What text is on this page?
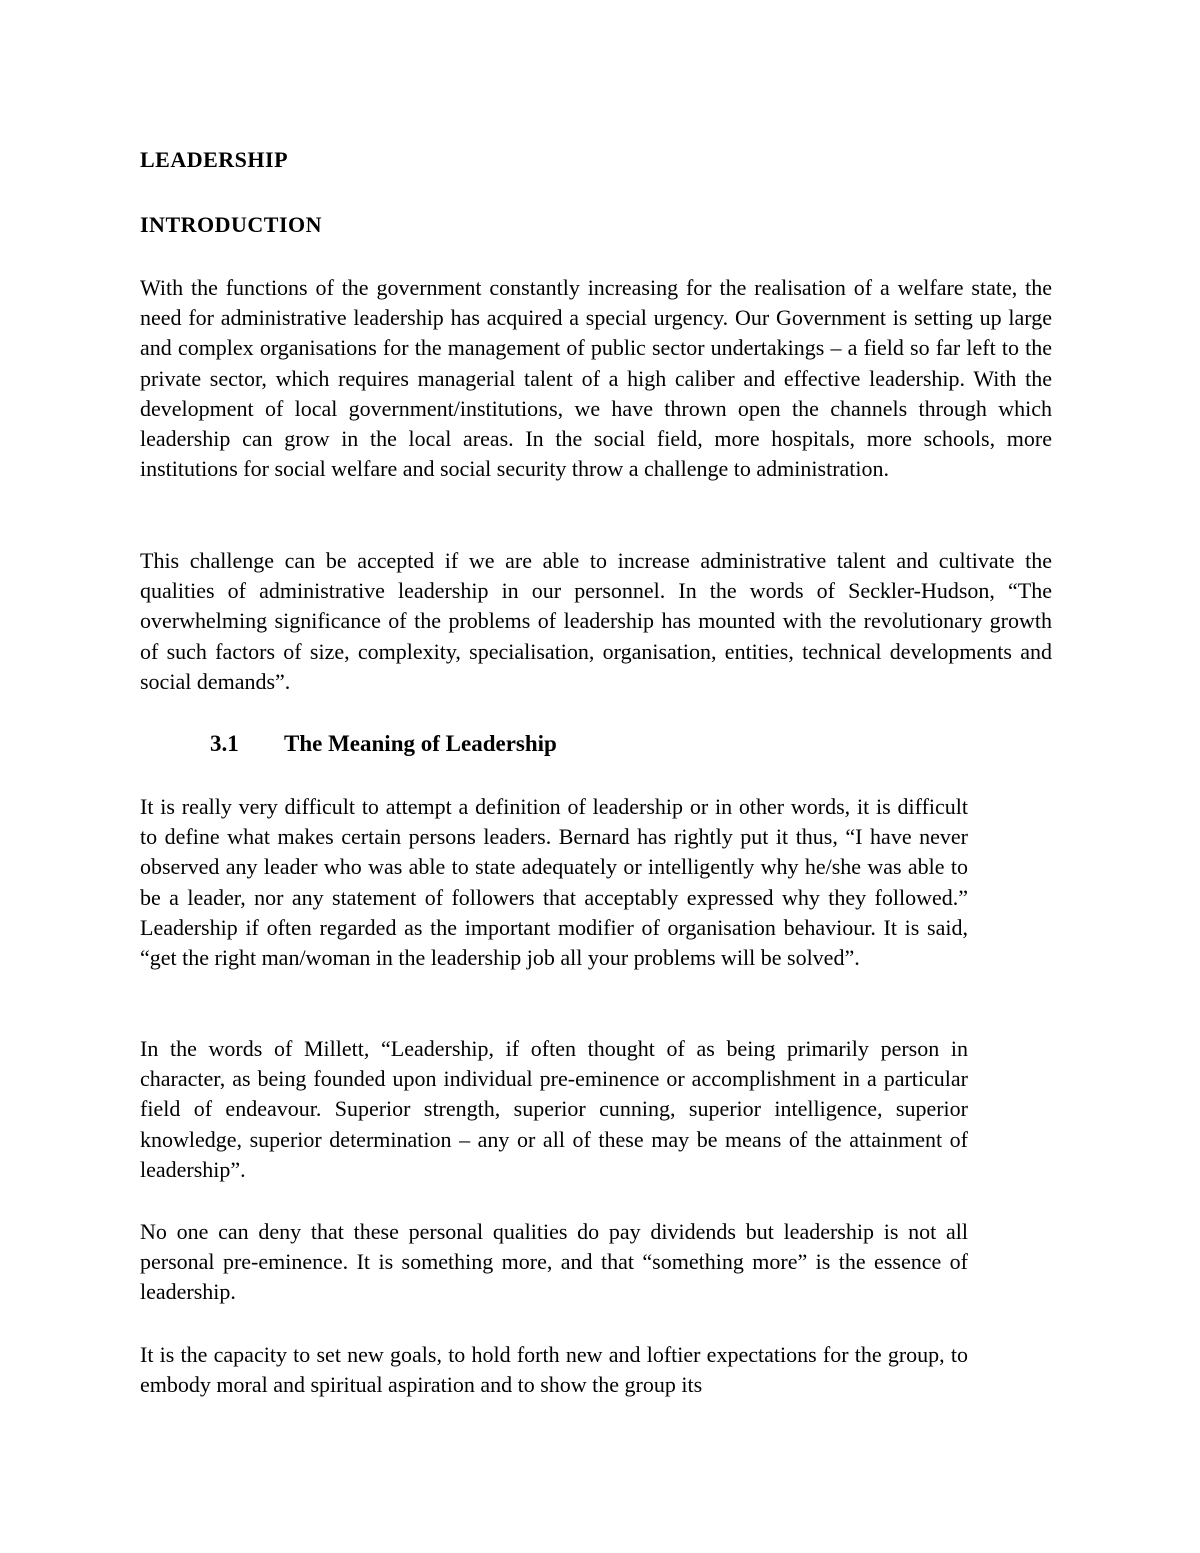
LEADERSHIP
INTRODUCTION

With the functions of the government constantly increasing for the realisation of a welfare state, the need for administrative leadership has acquired a special urgency. Our Government is setting up large and complex organisations for the management of public sector undertakings – a field so far left to the private sector, which requires managerial talent of a high caliber and effective leadership. With the development of local government/institutions, we have thrown open the channels through which leadership can grow in the local areas. In the social field, more hospitals, more schools, more institutions for social welfare and social security throw a challenge to administration.

This challenge can be accepted if we are able to increase administrative talent and cultivate the qualities of administrative leadership in our personnel. In the words of Seckler-Hudson, “The overwhelming significance of the problems of leadership has mounted with the revolutionary growth of such factors of size, complexity, specialisation, organisation, entities, technical developments and social demands”.

3.1 The Meaning of Leadership

It is really very difficult to attempt a definition of leadership or in other words, it is difficult to define what makes certain persons leaders. Bernard has rightly put it thus, “I have never observed any leader who was able to state adequately or intelligently why he/she was able to be a leader, nor any statement of followers that acceptably expressed why they followed.” Leadership if often regarded as the important modifier of organisation behaviour. It is said, “get the right man/woman in the leadership job all your problems will be solved”.

In the words of Millett, “Leadership, if often thought of as being primarily person in character, as being founded upon individual pre-eminence or accomplishment in a particular field of endeavour. Superior strength, superior cunning, superior intelligence, superior knowledge, superior determination – any or all of these may be means of the attainment of leadership”.

No one can deny that these personal qualities do pay dividends but leadership is not all personal pre-eminence. It is something more, and that “something more” is the essence of leadership.

It is the capacity to set new goals, to hold forth new and loftier expectations for the group, to embody moral and spiritual aspiration and to show the group its
